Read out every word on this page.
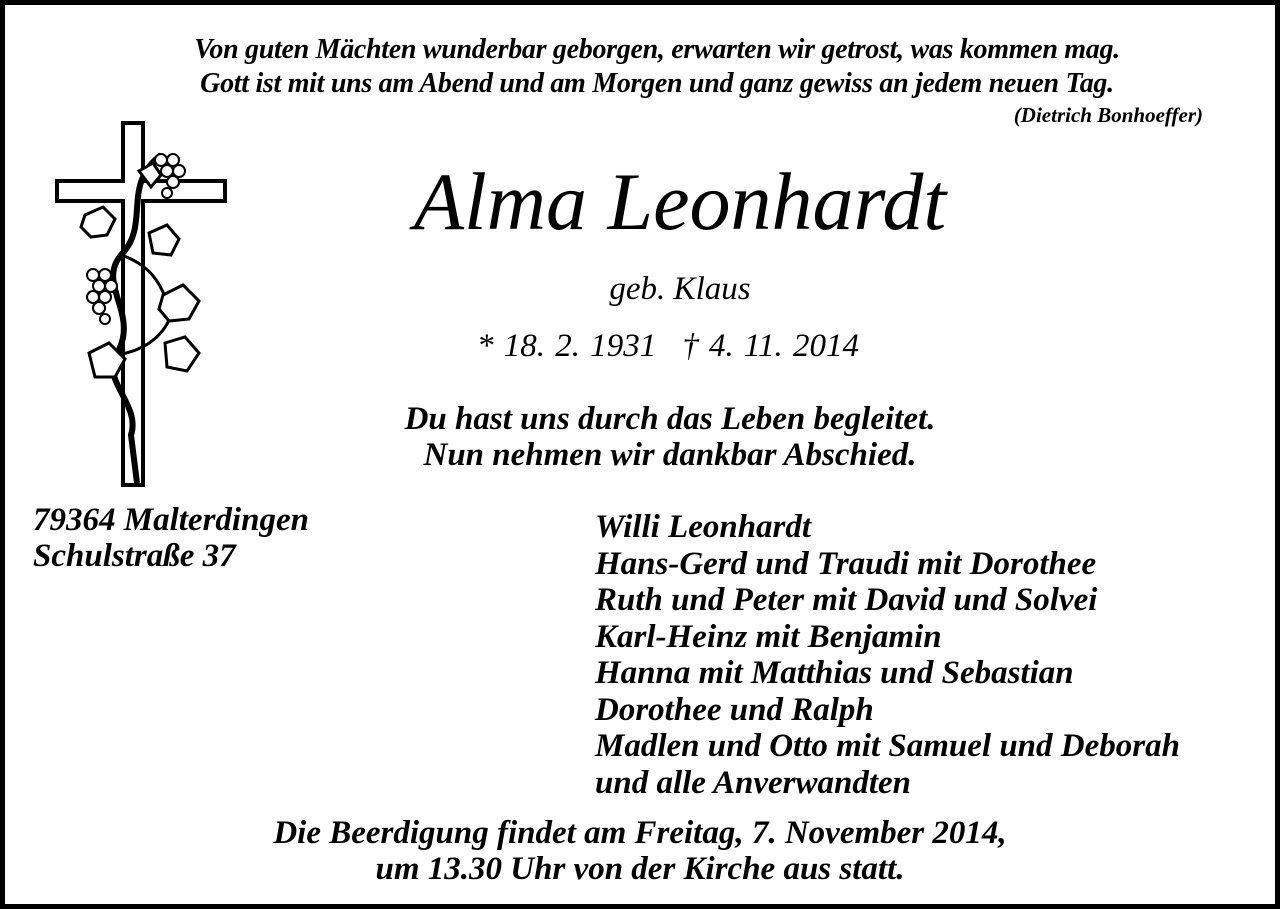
Von guten Mächten wunderbar geborgen, erwarten wir getrost, was kommen mag.
Gott ist mit uns am Abend und am Morgen und ganz gewiss an jedem neuen Tag.
(Dietrich Bonhoeffer)
Alma Leonhardt
geb. Klaus
* 18. 2. 1931 † 4. 11. 2014
Du hast uns durch das Leben begleitet.
Nun nehmen wir dankbar Abschied.
79364 Malterdingen
Schulstraße 37
Willi Leonhardt
Hans-Gerd und Traudi mit Dorothee
Ruth und Peter mit David und Solvei
Karl-Heinz mit Benjamin
Hanna mit Matthias und Sebastian
Dorothee und Ralph
Madlen und Otto mit Samuel und Deborah
und alle Anverwandten
Die Beerdigung findet am Freitag, 7. November 2014,
um 13.30 Uhr von der Kirche aus statt.
